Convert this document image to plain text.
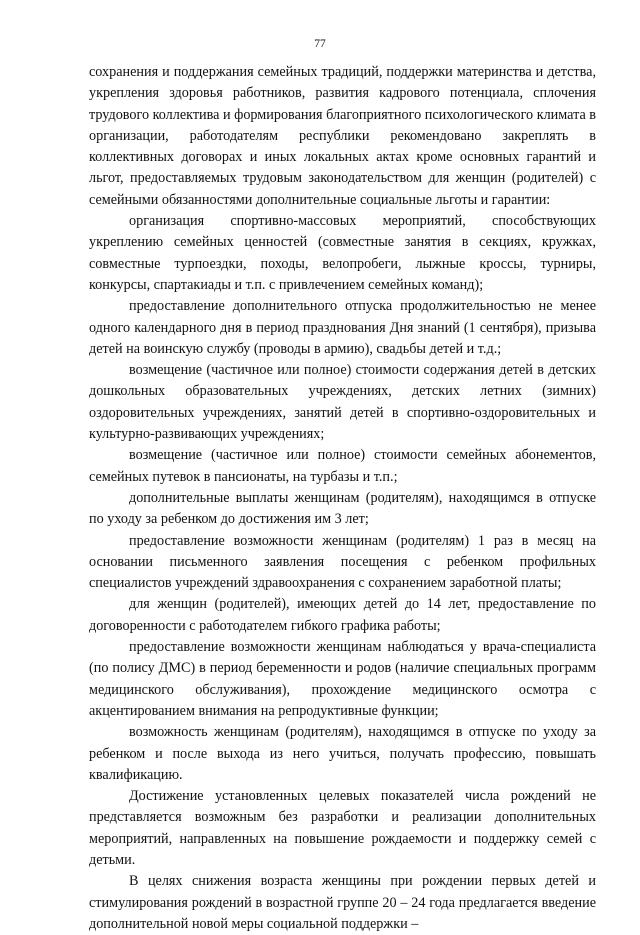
77

сохранения и поддержания семейных традиций, поддержки материнства и детства, укрепления здоровья работников, развития кадрового потенциала, сплочения трудового коллектива и формирования благоприятного психологического климата в организации, работодателям республики рекомендовано закреплять в коллективных договорах и иных локальных актах кроме основных гарантий и льгот, предоставляемых трудовым законодательством для женщин (родителей) с семейными обязанностями дополнительные социальные льготы и гарантии:

организация спортивно-массовых мероприятий, способствующих укреплению семейных ценностей (совместные занятия в секциях, кружках, совместные турпоездки, походы, велопробеги, лыжные кроссы, турниры, конкурсы, спартакиады и т.п. с привлечением семейных команд);

предоставление дополнительного отпуска продолжительностью не менее одного календарного дня в период празднования Дня знаний (1 сентября), призыва детей на воинскую службу (проводы в армию), свадьбы детей и т.д.;

возмещение (частичное или полное) стоимости содержания детей в детских дошкольных образовательных учреждениях, детских летних (зимних) оздоровительных учреждениях, занятий детей в спортивно-оздоровительных и культурно-развивающих учреждениях;

возмещение (частичное или полное) стоимости семейных абонементов, семейных путевок в пансионаты, на турбазы и т.п.;

дополнительные выплаты женщинам (родителям), находящимся в отпуске по уходу за ребенком до достижения им 3 лет;

предоставление возможности женщинам (родителям) 1 раз в месяц на основании письменного заявления посещения с ребенком профильных специалистов учреждений здравоохранения с сохранением заработной платы;

для женщин (родителей), имеющих детей до 14 лет, предоставление по договоренности с работодателем гибкого графика работы;

предоставление возможности женщинам наблюдаться у врача-специалиста (по полису ДМС) в период беременности и родов (наличие специальных программ медицинского обслуживания), прохождение медицинского осмотра с акцентированием внимания на репродуктивные функции;

возможность женщинам (родителям), находящимся в отпуске по уходу за ребенком и после выхода из него учиться, получать профессию, повышать квалификацию.

Достижение установленных целевых показателей числа рождений не представляется возможным без разработки и реализации дополнительных мероприятий, направленных на повышение рождаемости и поддержку семей с детьми.

В целях снижения возраста женщины при рождении первых детей и стимулирования рождений в возрастной группе 20 – 24 года предлагается введение дополнительной новой меры социальной поддержки –
